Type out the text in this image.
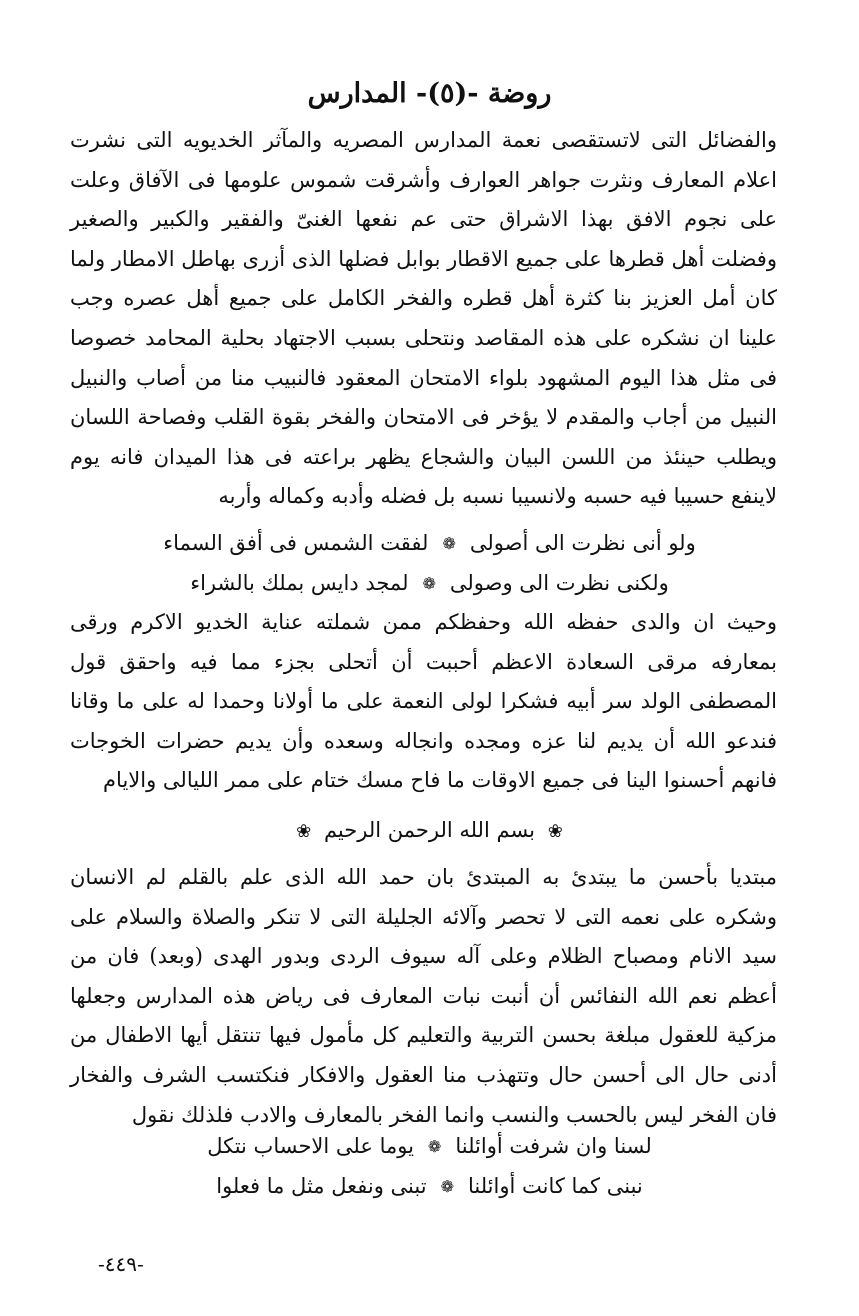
روضة -(٥)- المدارس

والفضائل التى لاتستقصى نعمة المدارس المصريه والمآثر الخديويه التى نشرت اعلام المعارف ونثرت جواهر العوارف وأشرقت شموس علومها فى الآفاق وعلت على نجوم الافق بهذا الاشراق حتى عم نفعها الغنىّ والفقير والكبير والصغير وفضلت أهل قطرها على جميع الاقطار بوابل فضلها الذى أزرى بهاطل الامطار ولما كان أمل العزيز بنا كثرة أهل قطره والفخر الكامل على جميع أهل عصره وجب علينا ان نشكره على هذه المقاصد ونتحلى بسبب الاجتهاد بحلية المحامد خصوصا فى مثل هذا اليوم المشهود بلواء الامتحان المعقود فالنبيب منا من أصاب والنبيل النبيل من أجاب والمقدم لا يؤخر فى الامتحان والفخر بقوة القلب وفصاحة اللسان ويطلب حينئذ من اللسن البيان والشجاع يظهر براعته فى هذا الميدان فانه يوم لاينفع حسيبا فيه حسبه ولانسيبا نسبه بل فضله وأدبه وكماله وأربه

ولو أنى نظرت الى أصولى
❁
لفقت الشمس فى أفق السماء
ولكنى نظرت الى وصولى
❁
لمجد دايس بملك بالشراء

وحيث ان والدى حفظه الله وحفظكم ممن شملته عناية الخديو الاكرم ورقى بمعارفه مرقى السعادة الاعظم أحببت أن أتحلى بجزء مما فيه واحقق قول المصطفى الولد سر أبيه فشكرا لولى النعمة على ما أولانا وحمدا له على ما وقانا فندعو الله أن يديم لنا عزه ومجده وانجاله وسعده وأن يديم حضرات الخوجات فانهم أحسنوا الينا فى جميع الاوقات ما فاح مسك ختام على ممر الليالى والايام

❀ بسم الله الرحمن الرحيم ❀

مبتديا بأحسن ما يبتدئ به المبتدئ بان حمد الله الذى علم بالقلم لم الانسان وشكره على نعمه التى لا تحصر وآلائه الجليلة التى لا تنكر والصلاة والسلام على سيد الانام ومصباح الظلام وعلى آله سيوف الردى وبدور الهدى (وبعد) فان من أعظم نعم الله النفائس أن أنبت نبات المعارف فى رياض هذه المدارس وجعلها مزكية للعقول مبلغة بحسن التربية والتعليم كل مأمول فيها تنتقل أيها الاطفال من أدنى حال الى أحسن حال وتتهذب منا العقول والافكار فنكتسب الشرف والفخار فان الفخر ليس بالحسب والنسب وانما الفخر بالمعارف والادب فلذلك نقول

لسنا وان شرفت أوائلنا
❁
يوما على الاحساب نتكل
نبنى كما كانت أوائلنا
❁
تبنى ونفعل مثل ما فعلوا
-٤٤٩-
